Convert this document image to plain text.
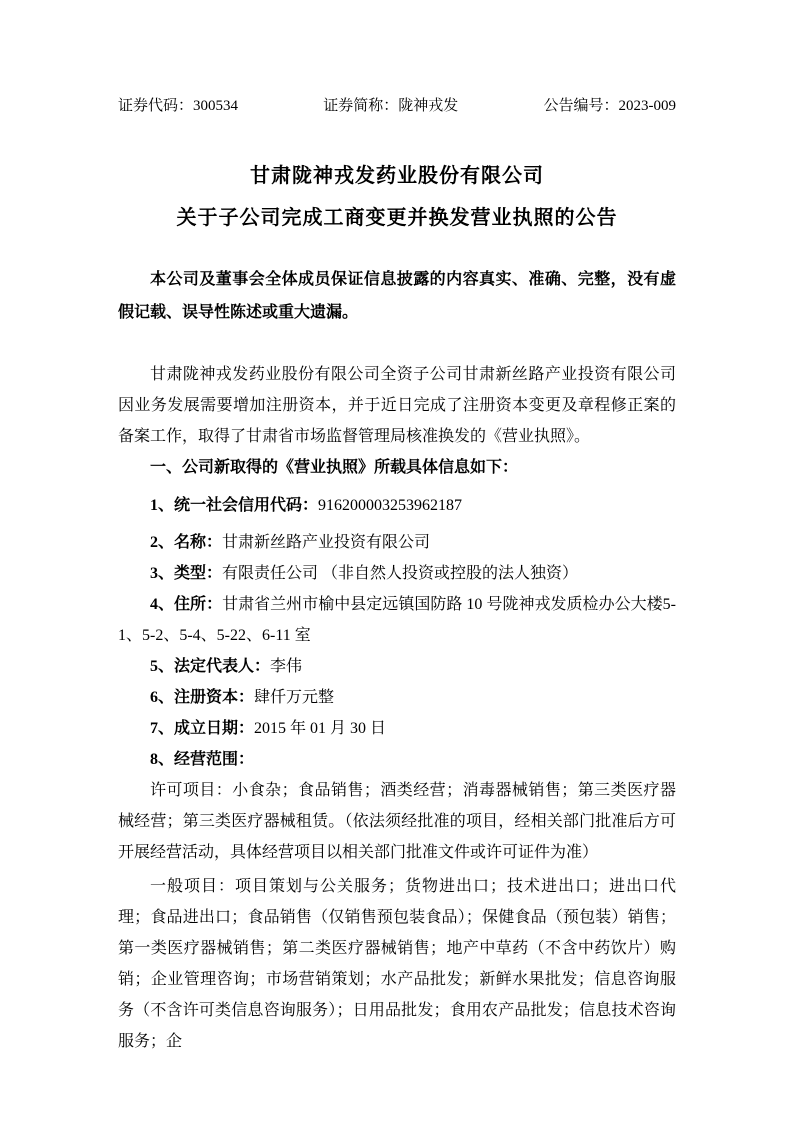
证券代码：300534	证券简称：陇神戎发	公告编号：2023-009
甘肃陇神戎发药业股份有限公司
关于子公司完成工商变更并换发营业执照的公告

本公司及董事会全体成员保证信息披露的内容真实、准确、完整，没有虚假记载、误导性陈述或重大遗漏。

甘肃陇神戎发药业股份有限公司全资子公司甘肃新丝路产业投资有限公司因业务发展需要增加注册资本，并于近日完成了注册资本变更及章程修正案的备案工作，取得了甘肃省市场监督管理局核准换发的《营业执照》。

一、公司新取得的《营业执照》所载具体信息如下：

1、统一社会信用代码：916200003253962187

2、名称：甘肃新丝路产业投资有限公司

3、类型：有限责任公司 （非自然人投资或控股的法人独资）

4、住所：甘肃省兰州市榆中县定远镇国防路 10 号陇神戎发质检办公大楼5-1、5-2、5-4、5-22、6-11 室

5、法定代表人：李伟

6、注册资本：肆仟万元整

7、成立日期：2015 年 01 月 30 日

8、经营范围：

许可项目：小食杂；食品销售；酒类经营；消毒器械销售；第三类医疗器械经营；第三类医疗器械租赁。（依法须经批准的项目，经相关部门批准后方可开展经营活动，具体经营项目以相关部门批准文件或许可证件为准）

一般项目：项目策划与公关服务；货物进出口；技术进出口；进出口代理；食品进出口；食品销售（仅销售预包装食品）；保健食品（预包装）销售；第一类医疗器械销售；第二类医疗器械销售；地产中草药（不含中药饮片）购销；企业管理咨询；市场营销策划；水产品批发；新鲜水果批发；信息咨询服务（不含许可类信息咨询服务）；日用品批发；食用农产品批发；信息技术咨询服务；企
